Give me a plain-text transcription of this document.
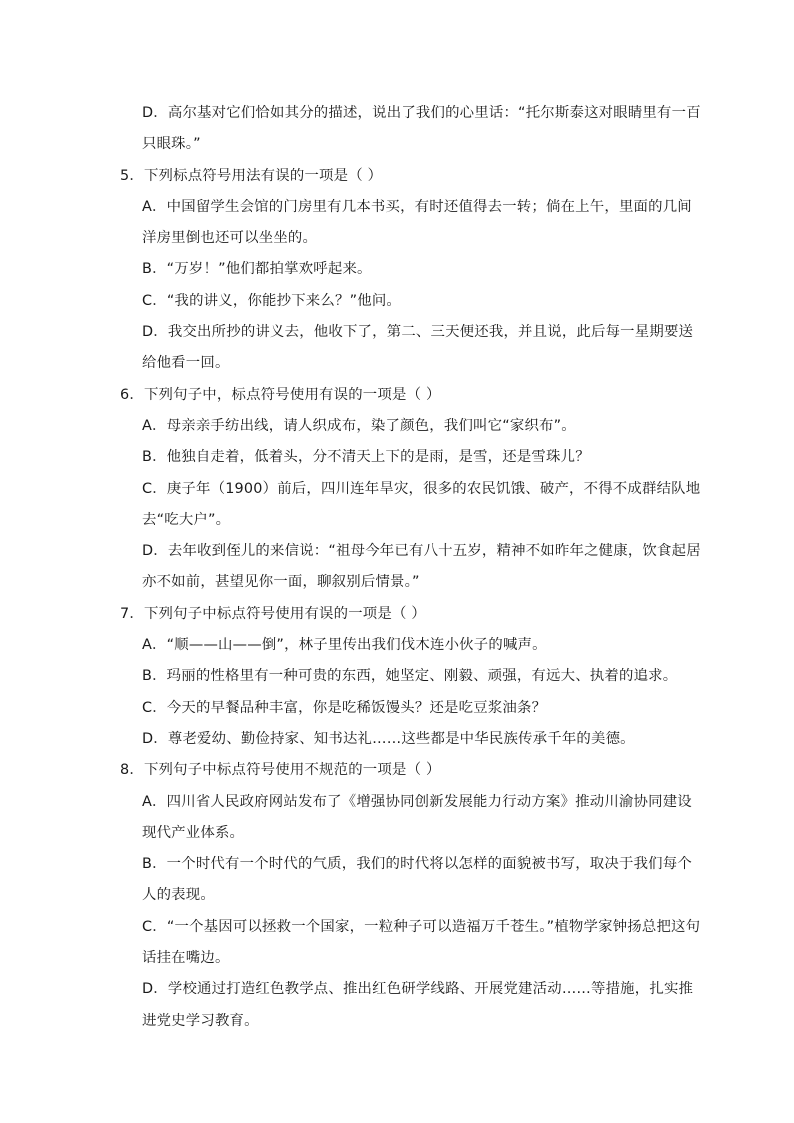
D．高尔基对它们恰如其分的描述，说出了我们的心里话：“托尔斯泰这对眼睛里有一百
只眼珠。”
5．下列标点符号用法有误的一项是（ ）
A．中国留学生会馆的门房里有几本书买，有时还值得去一转；倘在上午，里面的几间
洋房里倒也还可以坐坐的。
B．“万岁！”他们都拍掌欢呼起来。
C．“我的讲义，你能抄下来么？”他问。
D．我交出所抄的讲义去，他收下了，第二、三天便还我，并且说，此后每一星期要送
给他看一回。
6．下列句子中，标点符号使用有误的一项是（ ）
A．母亲亲手纺出线，请人织成布，染了颜色，我们叫它“家织布”。
B．他独自走着，低着头，分不清天上下的是雨，是雪，还是雪珠儿？
C．庚子年（1900）前后，四川连年旱灾，很多的农民饥饿、破产，不得不成群结队地
去“吃大户”。
D．去年收到侄儿的来信说：“祖母今年已有八十五岁，精神不如昨年之健康，饮食起居
亦不如前，甚望见你一面，聊叙别后情景。”
7．下列句子中标点符号使用有误的一项是（ ）
A．“顺——山——倒”，林子里传出我们伐木连小伙子的喊声。
B．玛丽的性格里有一种可贵的东西，她坚定、刚毅、顽强，有远大、执着的追求。
C．今天的早餐品种丰富，你是吃稀饭馒头？还是吃豆浆油条？
D．尊老爱幼、勤俭持家、知书达礼……这些都是中华民族传承千年的美德。
8．下列句子中标点符号使用不规范的一项是（ ）
A．四川省人民政府网站发布了《增强协同创新发展能力行动方案》推动川渝协同建设
现代产业体系。
B．一个时代有一个时代的气质，我们的时代将以怎样的面貌被书写，取决于我们每个
人的表现。
C．“一个基因可以拯救一个国家，一粒种子可以造福万千苍生。”植物学家钟扬总把这句
话挂在嘴边。
D．学校通过打造红色教学点、推出红色研学线路、开展党建活动……等措施，扎实推
进党史学习教育。
